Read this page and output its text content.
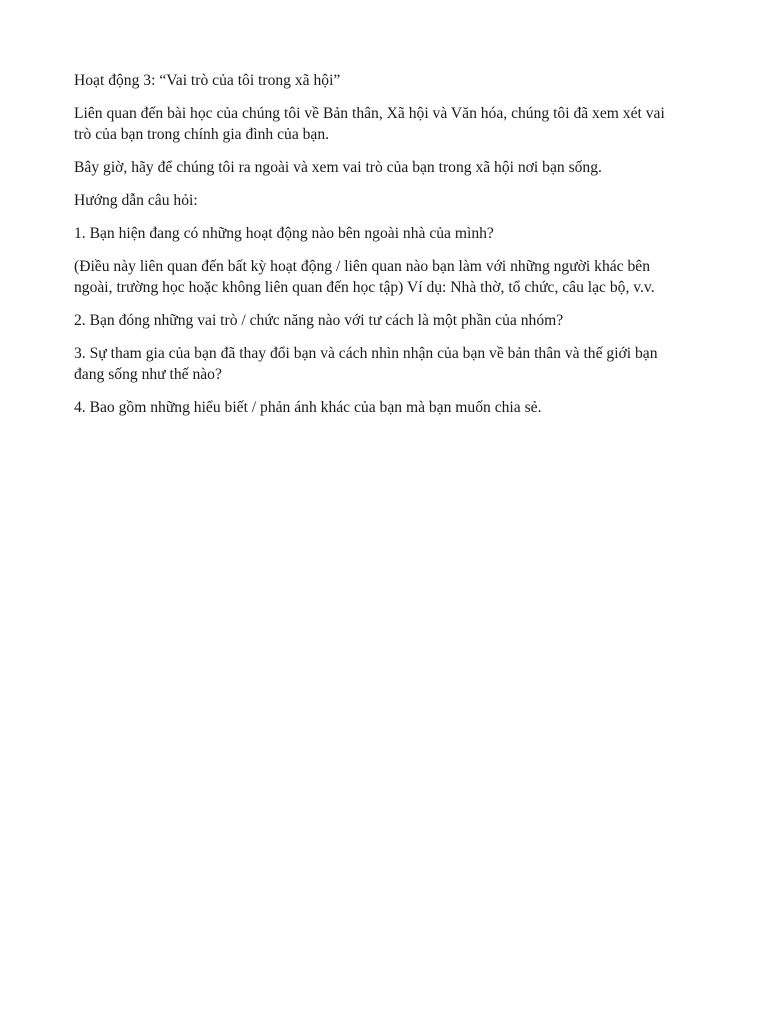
Hoạt động 3: “Vai trò của tôi trong xã hội”

Liên quan đến bài học của chúng tôi về Bản thân, Xã hội và Văn hóa, chúng tôi đã xem xét vai trò của bạn trong chính gia đình của bạn.

Bây giờ, hãy để chúng tôi ra ngoài và xem vai trò của bạn trong xã hội nơi bạn sống.

Hướng dẫn câu hỏi:

1. Bạn hiện đang có những hoạt động nào bên ngoài nhà của mình?

(Điều này liên quan đến bất kỳ hoạt động / liên quan nào bạn làm với những người khác bên ngoài, trường học hoặc không liên quan đến học tập) Ví dụ: Nhà thờ, tổ chức, câu lạc bộ, v.v.

2. Bạn đóng những vai trò / chức năng nào với tư cách là một phần của nhóm?

3. Sự tham gia của bạn đã thay đổi bạn và cách nhìn nhận của bạn về bản thân và thế giới bạn đang sống như thế nào?

4. Bao gồm những hiểu biết / phản ánh khác của bạn mà bạn muốn chia sẻ.
